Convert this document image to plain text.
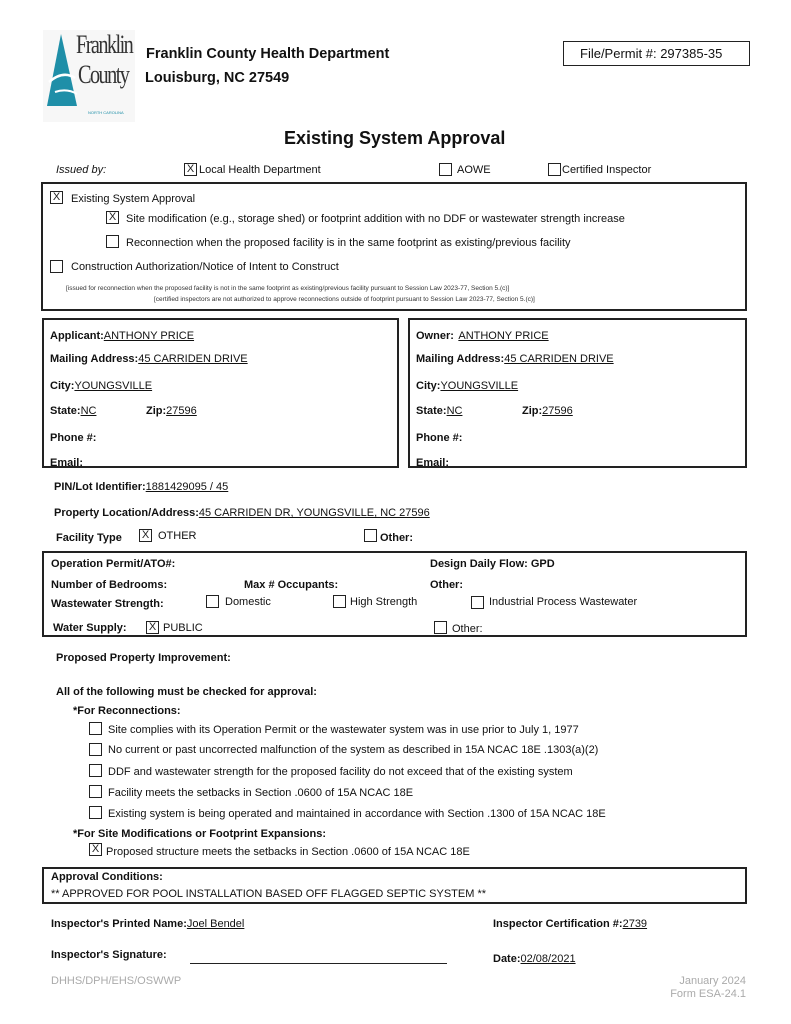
Franklin
County
NORTH CAROLINA
Franklin County Health Department
Louisburg, NC 27549
File/Permit #: 297385-35
Existing System Approval
Issued by:	X Local Health Department	AOWE	Certified Inspector
X Existing System Approval
X Site modification (e.g., storage shed) or footprint addition with no DDF or wastewater strength increase
Reconnection when the proposed facility is in the same footprint as existing/previous facility
Construction Authorization/Notice of Intent to Construct
[issued for reconnection when the proposed facility is not in the same footprint as existing/previous facility pursuant to Session Law 2023-77, Section 5.(c)]
[certified inspectors are not authorized to approve reconnections outside of footprint pursuant to Session Law 2023-77, Section 5.(c)]
Applicant:ANTHONY PRICE
Mailing Address:45 CARRIDEN DRIVE
City:YOUNGSVILLE
State:NC	Zip:27596
Phone #:
Email:
Owner: ANTHONY PRICE
Mailing Address:45 CARRIDEN DRIVE
City:YOUNGSVILLE
State:NC	Zip:27596
Phone #:
Email:
PIN/Lot Identifier:1881429095 / 45
Property Location/Address:45 CARRIDEN DR, YOUNGSVILLE, NC 27596
Facility Type X OTHER	Other:
Operation Permit/ATO#:	Design Daily Flow: GPD
Number of Bedrooms:	Max # Occupants:	Other:
Wastewater Strength:	Domestic	High Strength	Industrial Process Wastewater
Water Supply: X PUBLIC	Other:
Proposed Property Improvement:
All of the following must be checked for approval:
*For Reconnections:
Site complies with its Operation Permit or the wastewater system was in use prior to July 1, 1977
No current or past uncorrected malfunction of the system as described in 15A NCAC 18E .1303(a)(2)
DDF and wastewater strength for the proposed facility do not exceed that of the existing system
Facility meets the setbacks in Section .0600 of 15A NCAC 18E
Existing system is being operated and maintained in accordance with Section .1300 of 15A NCAC 18E
*For Site Modifications or Footprint Expansions:
X Proposed structure meets the setbacks in Section .0600 of 15A NCAC 18E
Approval Conditions:
** APPROVED FOR POOL INSTALLATION BASED OFF FLAGGED SEPTIC SYSTEM **
Inspector's Printed Name:Joel Bendel	Inspector Certification #:2739
Inspector's Signature:	Date:02/08/2021
DHHS/DPH/EHS/OSWWP	January 2024
Form ESA-24.1
